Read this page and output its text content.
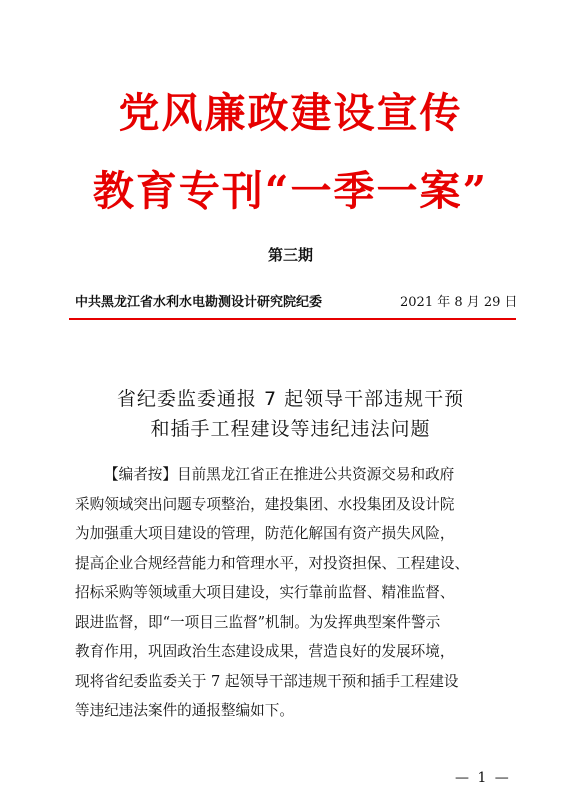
党风廉政建设宣传
教育专刊“一季一案”
第三期
中共黑龙江省水利水电勘测设计研究院纪委	2021 年 8 月 29 日
省纪委监委通报 7 起领导干部违规干预
和插手工程建设等违纪违法问题
【编者按】目前黑龙江省正在推进公共资源交易和政府
采购领域突出问题专项整治，建投集团、水投集团及设计院
为加强重大项目建设的管理，防范化解国有资产损失风险，
提高企业合规经营能力和管理水平，对投资担保、工程建设、
招标采购等领域重大项目建设，实行靠前监督、精准监督、
跟进监督，即“一项目三监督”机制。为发挥典型案件警示
教育作用，巩固政治生态建设成果，营造良好的发展环境，
现将省纪委监委关于 7 起领导干部违规干预和插手工程建设
等违纪违法案件的通报整编如下。
— 1 —
